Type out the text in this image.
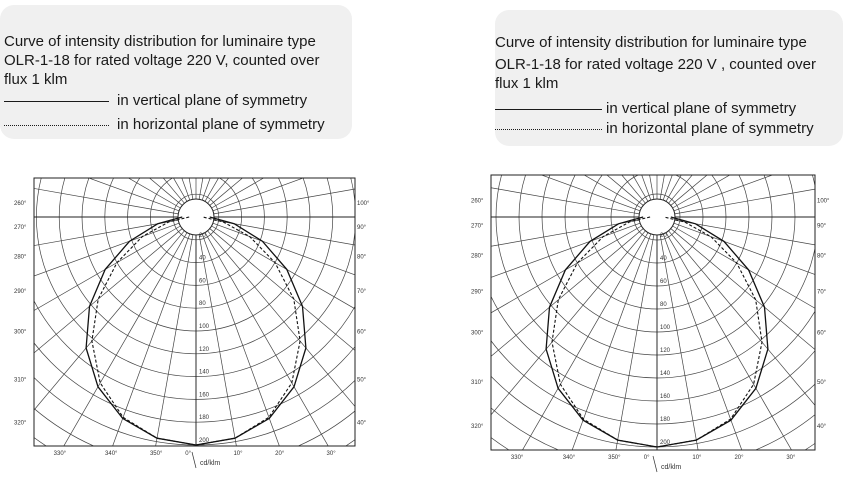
Curve of intensity distribution for luminaire type
OLR-1-18 for rated voltage 220 V, counted over
flux 1 klm
in vertical plane of symmetry
in horizontal plane of symmetry
20
40
60
80
100
120
140
160
180
200
260°
270°
280°
290°
300°
310°
320°
100°
90°
80°
70°
60°
50°
40°
330°	340°	350°	0°	10°	20°	30°
cd/klm
Curve of intensity distribution for luminaire type
OLR-1-18 for rated voltage 220 V , counted over
flux 1 klm
in vertical plane of symmetry
in horizontal plane of symmetry
20
40
60
80
100
120
140
160
180
200
260°
270°
280°
290°
300°
310°
320°
100°
90°
80°
70°
60°
50°
40°
330°	340°	350°	0°	10°	20°	30°
cd/klm
